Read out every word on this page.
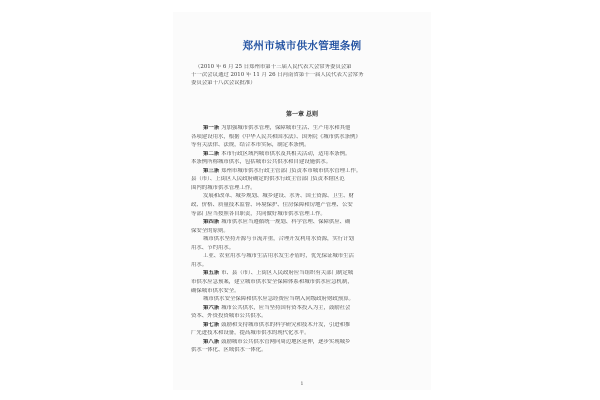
郑州市城市供水管理条例
（2010 年 6 月 25 日郑州市第十三届人民代表大会常务委员会第
十一次会议通过 2010 年 11 月 26 日河南省第十一届人民代表大会常务
委员会第十八次会议批准）
第一章 总则
第一条 为加强城市供水管理，保障城市生活、生产用水和其他
各项建设用水，根据《中华人民共和国水法》、国务院《城市供水条例》
等有关法律、法规，结合本市实际，制定本条例。
第二条 本市行政区域内城市供水及其相关活动，适用本条例。
本条例所称城市供水，包括城市公共供水和自建设施供水。
第三条 郑州市城市供水行政主管部门负责本市城市供水管理工作。
县（市）、上街区人民政府确定的供水行政主管部门负责本辖区范
围内的城市供水管理工作。
发展和改革、城乡规划、城乡建设、水务、国土资源、卫生、财
政、价格、质量技术监督、环境保护、住房保障和房地产管理、公安
等部门应当按照各自职责，共同做好城市供水管理工作。
第四条 城市供水应当遵循统一规划、科学管理、保障供应、确
保安全的原则。
城市供水坚持开源与节流并重，合理开发利用水资源，实行计划
用水、节约用水。
工业、农业用水与城市生活用水发生矛盾时，优先保证城市生活
用水。
第五条 市、县（市）、上街区人民政府应当组织有关部门制定城
市供水应急预案，建立城市供水安全保障体系和城市供水应急机制，
确保城市供水安全。
城市供水安全保障和供水应急经费应当纳入同级政府财政预算。
第六条 城市公共供水，应当坚持国有资本投入为主，鼓励社会
资本、外资投资城市公共供水。
第七条 鼓励和支持城市供水的科学研究和技术开发，引进和推
广先进技术和设备，提高城市供水的现代化水平。
第八条 鼓励城市公共供水管网向周边地区延伸，逐步实现城乡
供水一体化、区域供水一体化。
1
